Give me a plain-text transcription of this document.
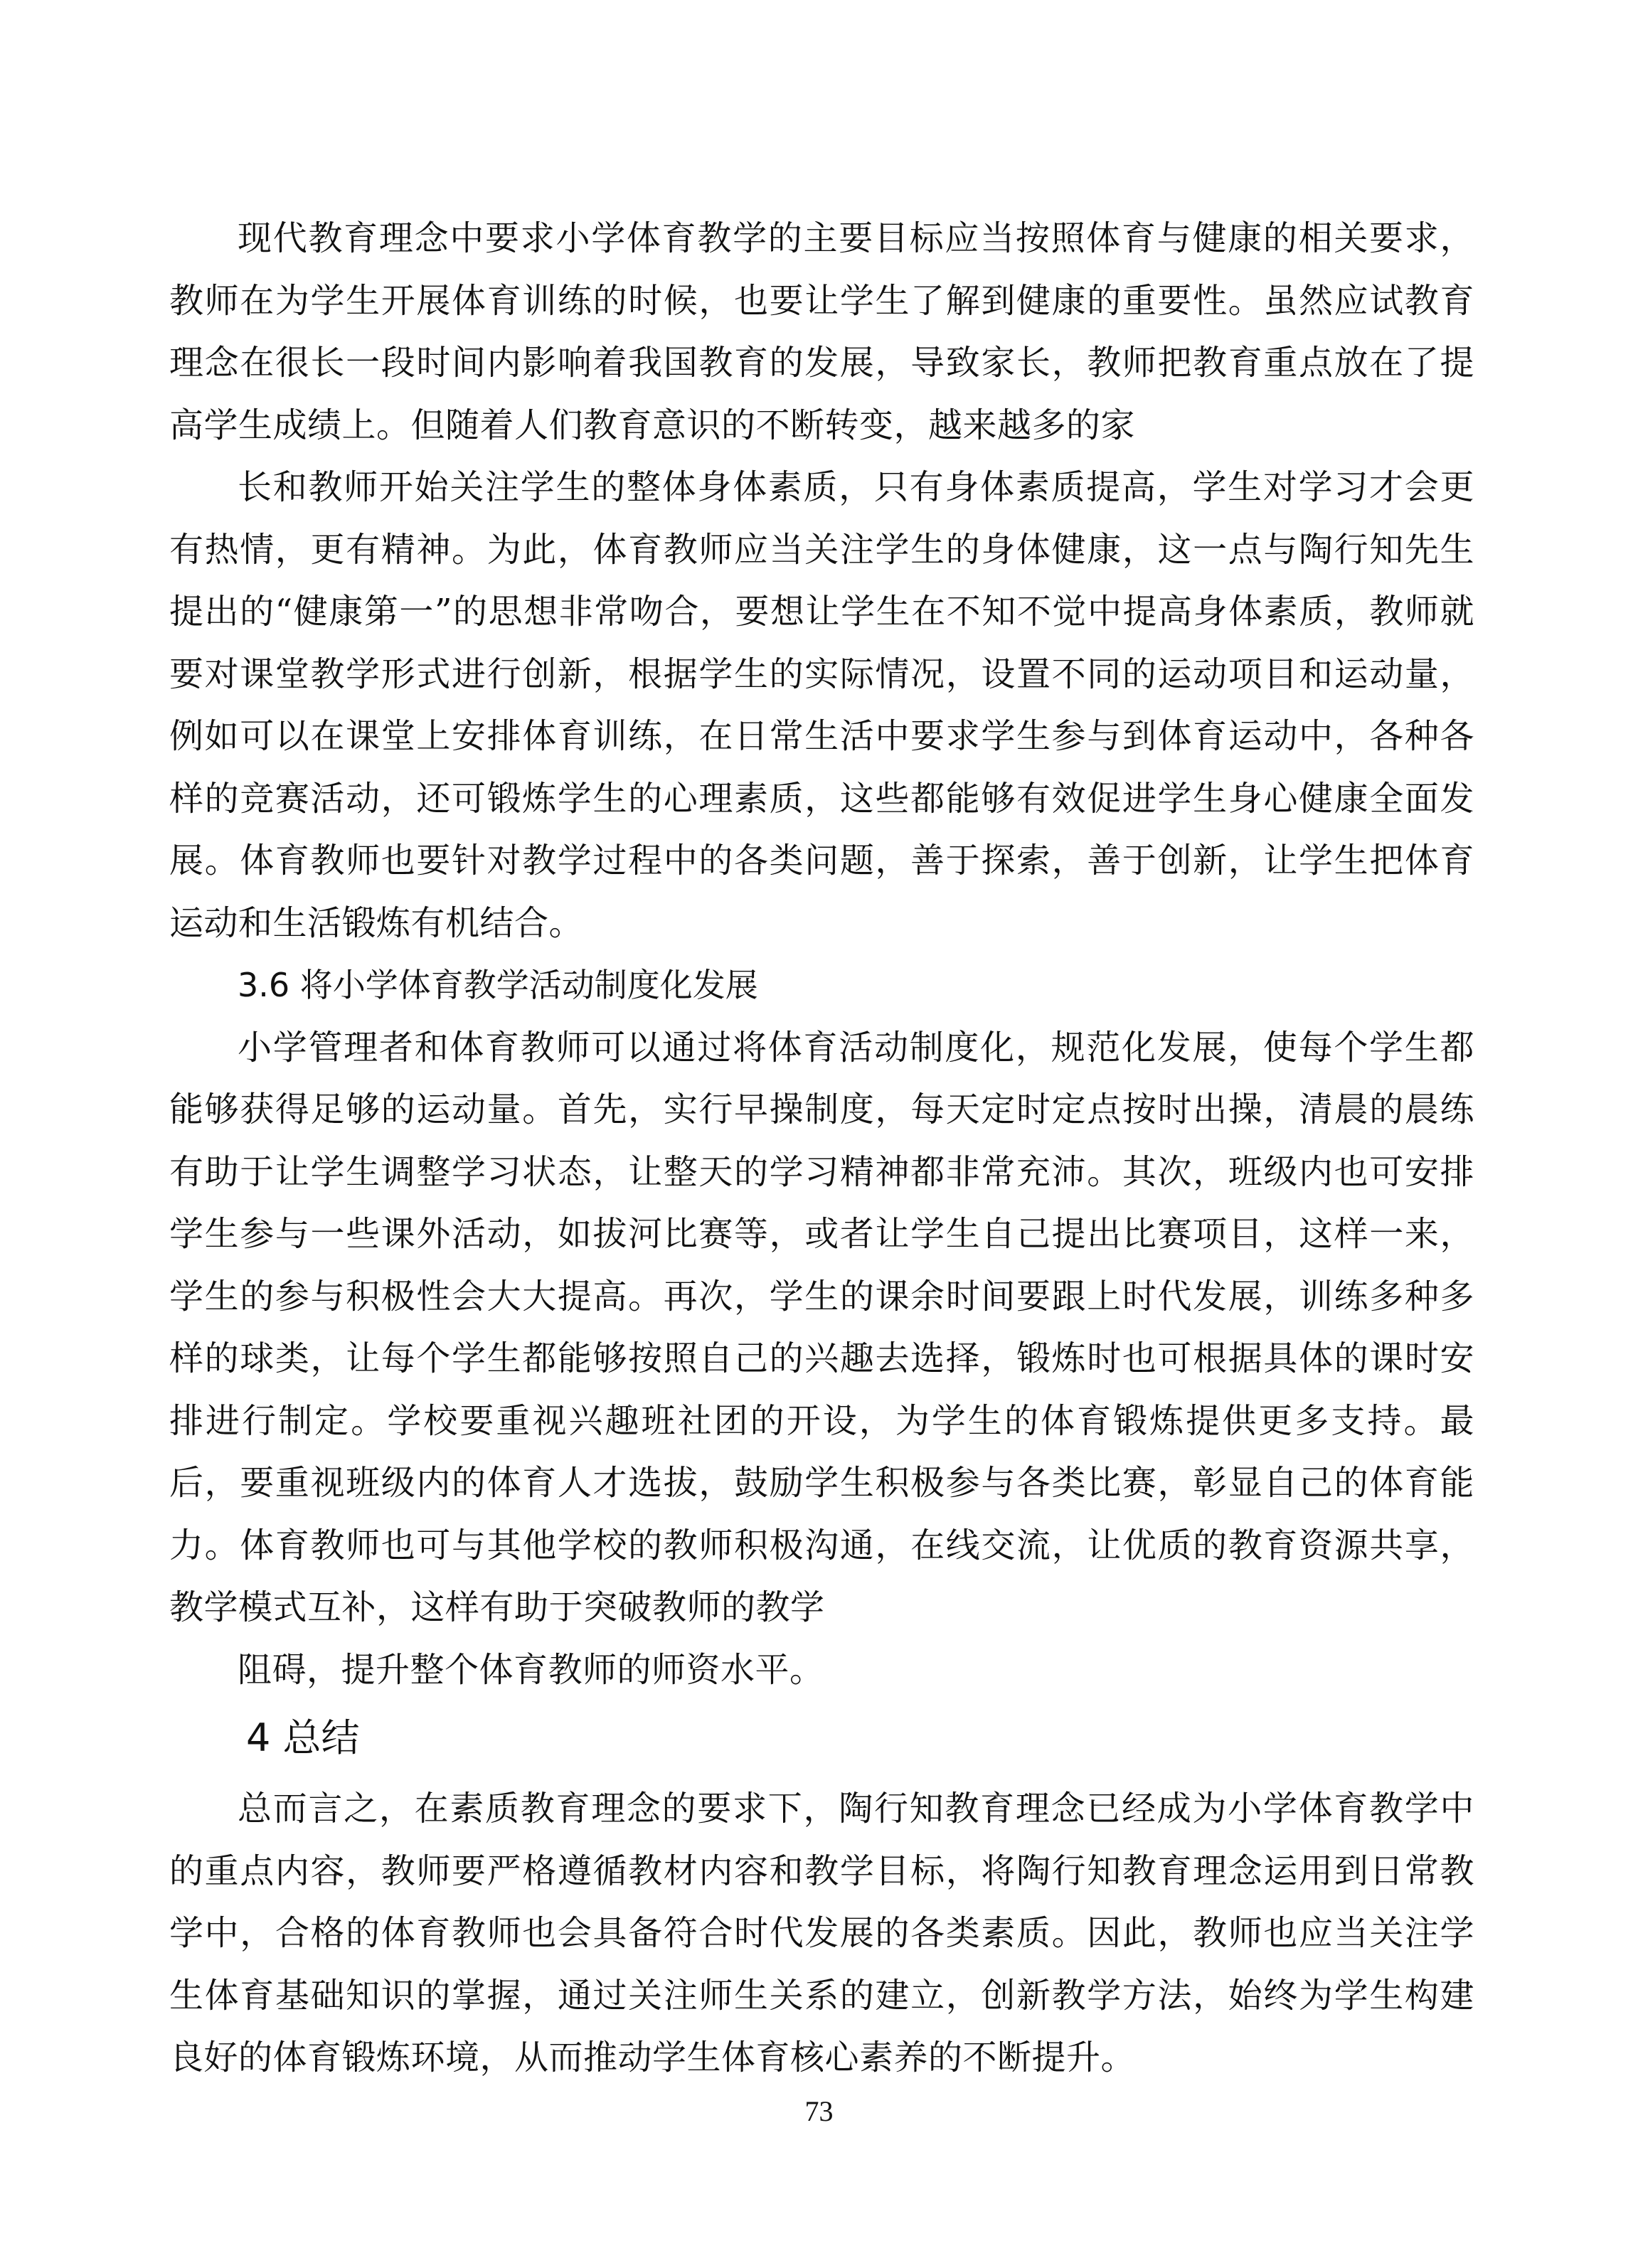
现代教育理念中要求小学体育教学的主要目标应当按照体育与健康的相关要求，教师在为学生开展体育训练的时候，也要让学生了解到健康的重要性。虽然应试教育理念在很长一段时间内影响着我国教育的发展，导致家长，教师把教育重点放在了提高学生成绩上。但随着人们教育意识的不断转变，越来越多的家

长和教师开始关注学生的整体身体素质，只有身体素质提高，学生对学习才会更有热情，更有精神。为此，体育教师应当关注学生的身体健康，这一点与陶行知先生提出的“健康第一”的思想非常吻合，要想让学生在不知不觉中提高身体素质，教师就要对课堂教学形式进行创新，根据学生的实际情况，设置不同的运动项目和运动量，例如可以在课堂上安排体育训练，在日常生活中要求学生参与到体育运动中，各种各样的竞赛活动，还可锻炼学生的心理素质，这些都能够有效促进学生身心健康全面发展。体育教师也要针对教学过程中的各类问题，善于探索，善于创新，让学生把体育运动和生活锻炼有机结合。

3.6 将小学体育教学活动制度化发展

小学管理者和体育教师可以通过将体育活动制度化，规范化发展，使每个学生都能够获得足够的运动量。首先，实行早操制度，每天定时定点按时出操，清晨的晨练有助于让学生调整学习状态，让整天的学习精神都非常充沛。其次，班级内也可安排学生参与一些课外活动，如拔河比赛等，或者让学生自己提出比赛项目，这样一来，学生的参与积极性会大大提高。再次，学生的课余时间要跟上时代发展，训练多种多样的球类，让每个学生都能够按照自己的兴趣去选择，锻炼时也可根据具体的课时安排进行制定。学校要重视兴趣班社团的开设，为学生的体育锻炼提供更多支持。最后，要重视班级内的体育人才选拔，鼓励学生积极参与各类比赛，彰显自己的体育能力。体育教师也可与其他学校的教师积极沟通，在线交流，让优质的教育资源共享，教学模式互补，这样有助于突破教师的教学

阻碍，提升整个体育教师的师资水平。

4 总结

总而言之，在素质教育理念的要求下，陶行知教育理念已经成为小学体育教学中的重点内容，教师要严格遵循教材内容和教学目标，将陶行知教育理念运用到日常教学中，合格的体育教师也会具备符合时代发展的各类素质。因此，教师也应当关注学生体育基础知识的掌握，通过关注师生关系的建立，创新教学方法，始终为学生构建良好的体育锻炼环境，从而推动学生体育核心素养的不断提升。

73
